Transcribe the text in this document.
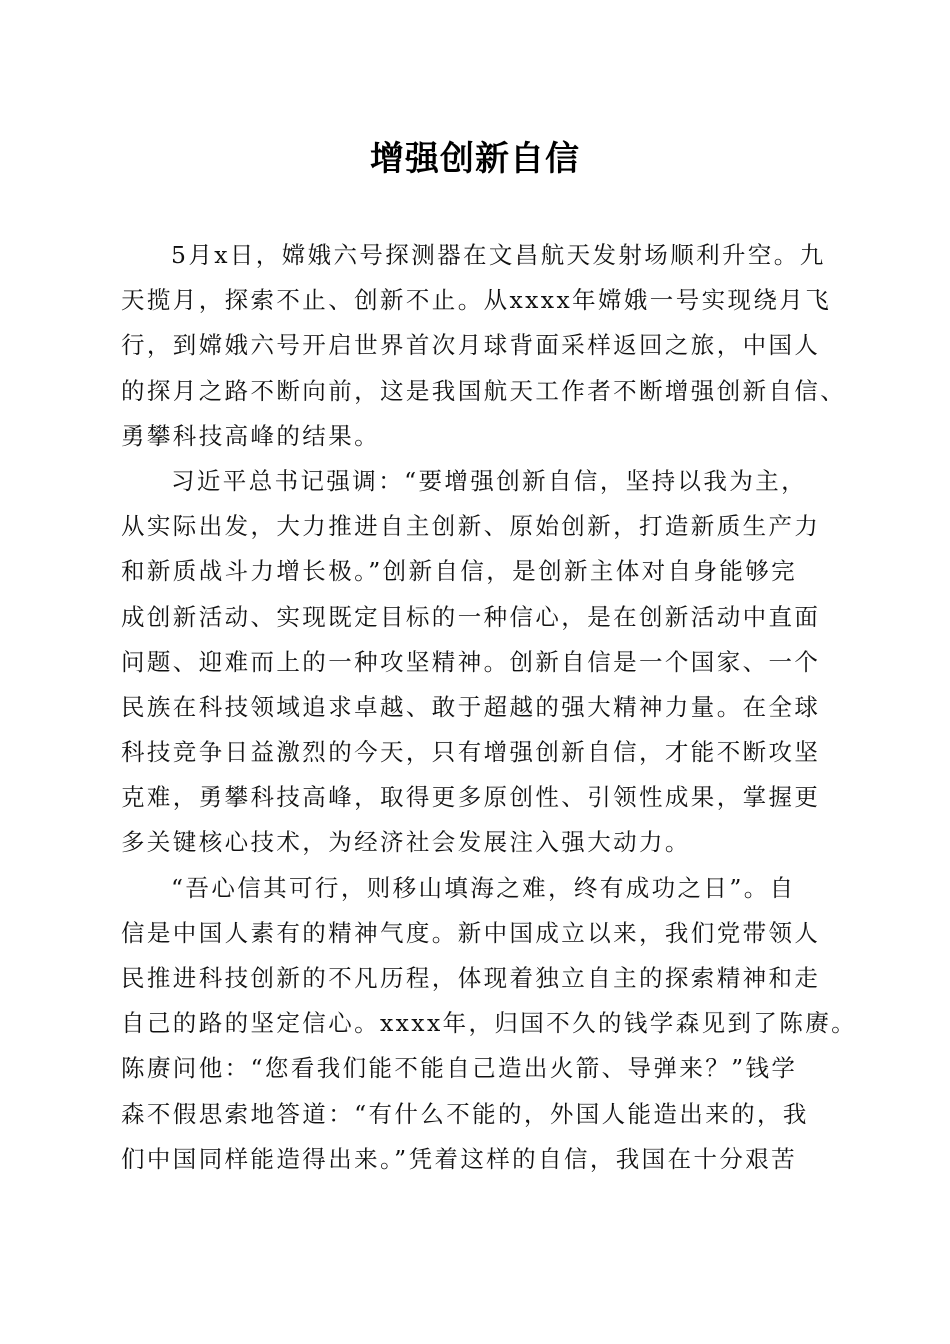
增强创新自信
5月x日，嫦娥六号探测器在文昌航天发射场顺利升空。九
天揽月，探索不止、创新不止。从xxxx年嫦娥一号实现绕月飞
行，到嫦娥六号开启世界首次月球背面采样返回之旅，中国人
的探月之路不断向前，这是我国航天工作者不断增强创新自信、
勇攀科技高峰的结果。
习近平总书记强调：“要增强创新自信，坚持以我为主，
从实际出发，大力推进自主创新、原始创新，打造新质生产力
和新质战斗力增长极。”创新自信，是创新主体对自身能够完
成创新活动、实现既定目标的一种信心，是在创新活动中直面
问题、迎难而上的一种攻坚精神。创新自信是一个国家、一个
民族在科技领域追求卓越、敢于超越的强大精神力量。在全球
科技竞争日益激烈的今天，只有增强创新自信，才能不断攻坚
克难，勇攀科技高峰，取得更多原创性、引领性成果，掌握更
多关键核心技术，为经济社会发展注入强大动力。
“吾心信其可行，则移山填海之难，终有成功之日”。自
信是中国人素有的精神气度。新中国成立以来，我们党带领人
民推进科技创新的不凡历程，体现着独立自主的探索精神和走
自己的路的坚定信心。xxxx年，归国不久的钱学森见到了陈赓。
陈赓问他：“您看我们能不能自己造出火箭、导弹来？”钱学
森不假思索地答道：“有什么不能的，外国人能造出来的，我
们中国同样能造得出来。”凭着这样的自信，我国在十分艰苦
